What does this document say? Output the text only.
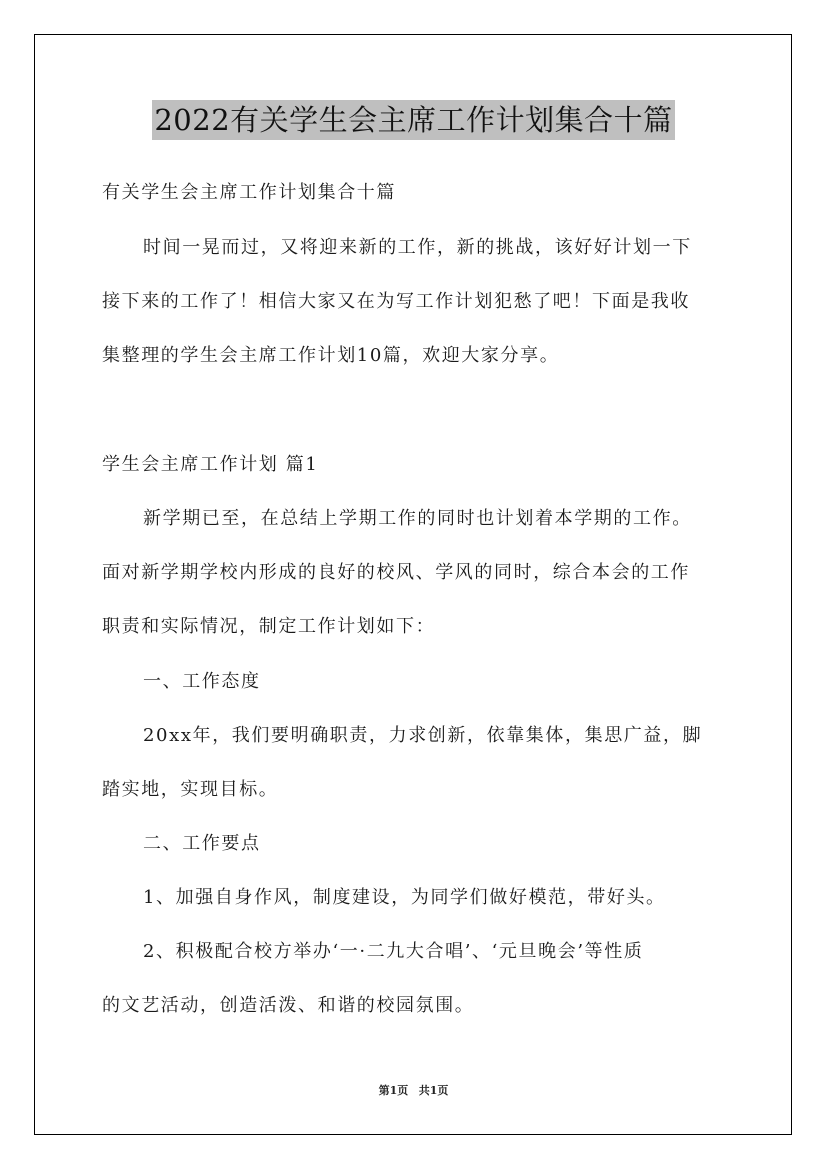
2022有关学生会主席工作计划集合十篇
有关学生会主席工作计划集合十篇
时间一晃而过，又将迎来新的工作，新的挑战，该好好计划一下
接下来的工作了！相信大家又在为写工作计划犯愁了吧！下面是我收
集整理的学生会主席工作计划10篇，欢迎大家分享。
学生会主席工作计划 篇1
新学期已至，在总结上学期工作的同时也计划着本学期的工作。
面对新学期学校内形成的良好的校风、学风的同时，综合本会的工作
职责和实际情况，制定工作计划如下：
一、工作态度
20xx年，我们要明确职责，力求创新，依靠集体，集思广益，脚
踏实地，实现目标。
二、工作要点
1、加强自身作风，制度建设，为同学们做好模范，带好头。
2、积极配合校方举办‘一·二九大合唱’、‘元旦晚会’等性质
的文艺活动，创造活泼、和谐的校园氛围。
第1页 共1页
